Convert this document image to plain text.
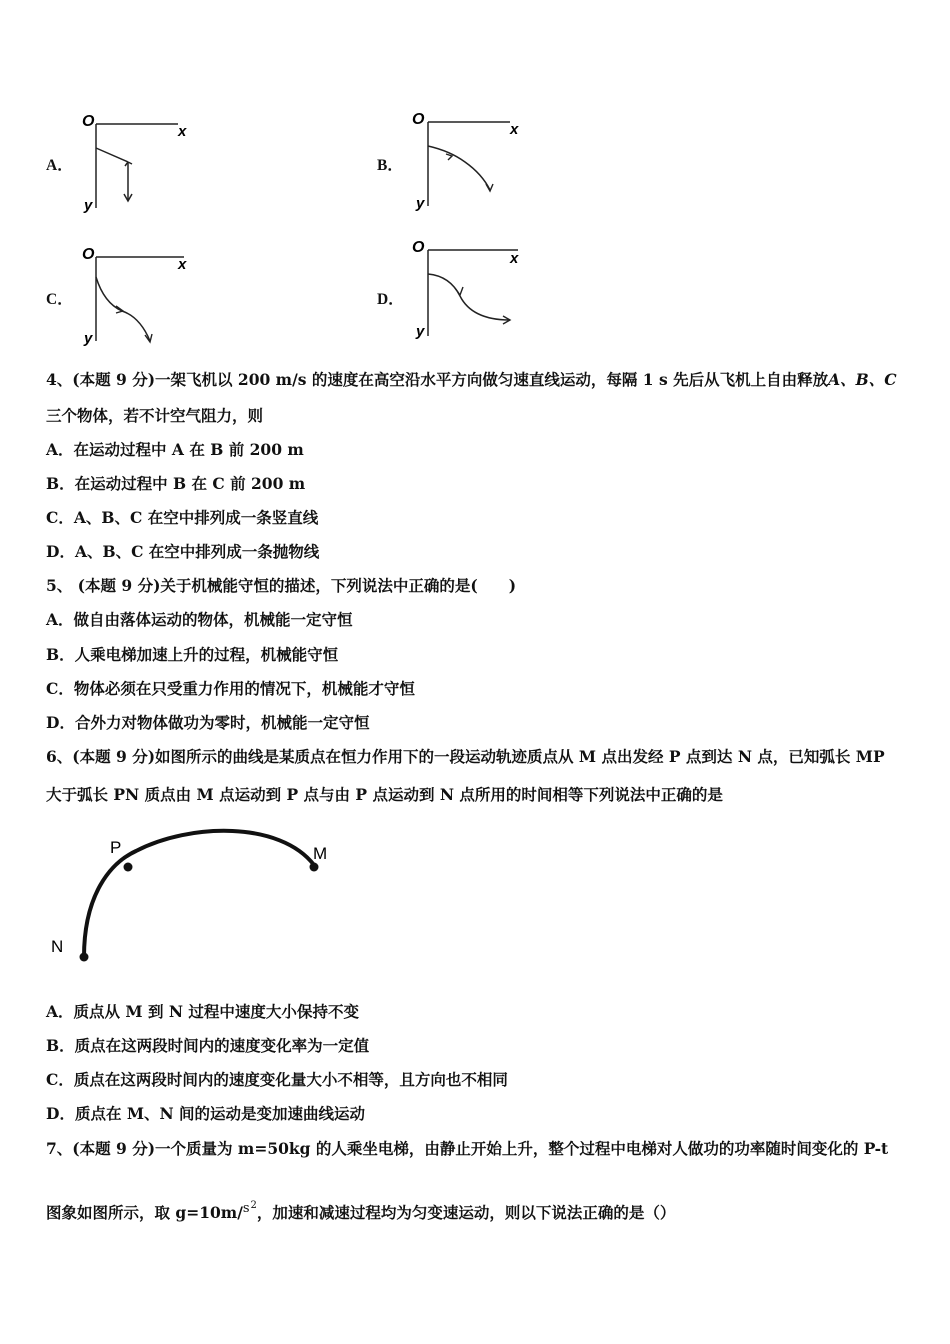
A．
O
x
y
B．
O
x
y
C．
O
x
y
D．
O
x
y
4、(本题 9 分)一架飞机以 200 m/s 的速度在高空沿水平方向做匀速直线运动，每隔 1 s 先后从飞机上自由释放A、B、C
三个物体，若不计空气阻力，则
A．在运动过程中 A 在 B 前 200 m
B．在运动过程中 B 在 C 前 200 m
C．A、B、C 在空中排列成一条竖直线
D．A、B、C 在空中排列成一条抛物线
5、 (本题 9 分)关于机械能守恒的描述，下列说法中正确的是(　　)
A．做自由落体运动的物体，机械能一定守恒
B．人乘电梯加速上升的过程，机械能守恒
C．物体必须在只受重力作用的情况下，机械能才守恒
D．合外力对物体做功为零时，机械能一定守恒
6、(本题 9 分)如图所示的曲线是某质点在恒力作用下的一段运动轨迹质点从 M 点出发经 P 点到达 N 点，已知弧长 MP
大于弧长 PN 质点由 M 点运动到 P 点与由 P 点运动到 N 点所用的时间相等下列说法中正确的是
P	M
N
A．质点从 M 到 N 过程中速度大小保持不变
B．质点在这两段时间内的速度变化率为一定值
C．质点在这两段时间内的速度变化量大小不相等，且方向也不相同
D．质点在 M、N 间的运动是变加速曲线运动
7、(本题 9 分)一个质量为 m=50kg 的人乘坐电梯，由静止开始上升，整个过程中电梯对人做功的功率随时间变化的 P-t
图象如图所示，取 g=10m/$^{s2}$，加速和减速过程均为匀变速运动，则以下说法正确的是（）
